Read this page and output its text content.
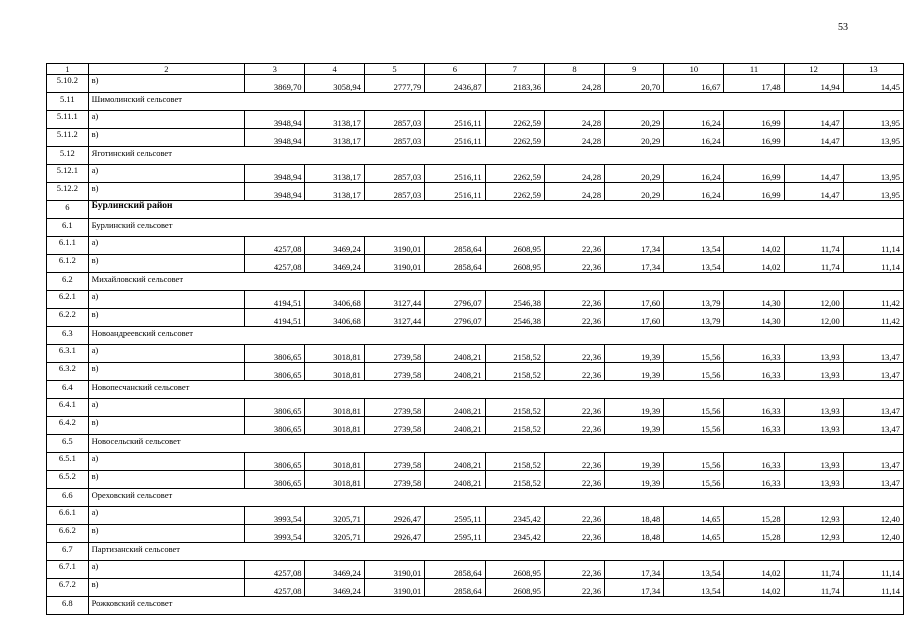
53
1	2	3	4	5	6	7	8	9	10	11	12	13
5.10.2	в)	3869,70	3058,94	2777,79	2436,87	2183,36	24,28	20,70	16,67	17,48	14,94	14,45
5.11	Шимолинский сельсовет											
5.11.1	а)	3948,94	3138,17	2857,03	2516,11	2262,59	24,28	20,29	16,24	16,99	14,47	13,95
5.11.2	в)	3948,94	3138,17	2857,03	2516,11	2262,59	24,28	20,29	16,24	16,99	14,47	13,95
5.12	Яготинский сельсовет											
5.12.1	а)	3948,94	3138,17	2857,03	2516,11	2262,59	24,28	20,29	16,24	16,99	14,47	13,95
5.12.2	в)	3948,94	3138,17	2857,03	2516,11	2262,59	24,28	20,29	16,24	16,99	14,47	13,95
6	Бурлинский район											
6.1	Бурлинский сельсовет											
6.1.1	а)	4257,08	3469,24	3190,01	2858,64	2608,95	22,36	17,34	13,54	14,02	11,74	11,14
6.1.2	в)	4257,08	3469,24	3190,01	2858,64	2608,95	22,36	17,34	13,54	14,02	11,74	11,14
6.2	Михайловский сельсовет											
6.2.1	а)	4194,51	3406,68	3127,44	2796,07	2546,38	22,36	17,60	13,79	14,30	12,00	11,42
6.2.2	в)	4194,51	3406,68	3127,44	2796,07	2546,38	22,36	17,60	13,79	14,30	12,00	11,42
6.3	Новоандреевский сельсовет											
6.3.1	а)	3806,65	3018,81	2739,58	2408,21	2158,52	22,36	19,39	15,56	16,33	13,93	13,47
6.3.2	в)	3806,65	3018,81	2739,58	2408,21	2158,52	22,36	19,39	15,56	16,33	13,93	13,47
6.4	Новопесчанский сельсовет											
6.4.1	а)	3806,65	3018,81	2739,58	2408,21	2158,52	22,36	19,39	15,56	16,33	13,93	13,47
6.4.2	в)	3806,65	3018,81	2739,58	2408,21	2158,52	22,36	19,39	15,56	16,33	13,93	13,47
6.5	Новосельский сельсовет											
6.5.1	а)	3806,65	3018,81	2739,58	2408,21	2158,52	22,36	19,39	15,56	16,33	13,93	13,47
6.5.2	в)	3806,65	3018,81	2739,58	2408,21	2158,52	22,36	19,39	15,56	16,33	13,93	13,47
6.6	Ореховский сельсовет											
6.6.1	а)	3993,54	3205,71	2926,47	2595,11	2345,42	22,36	18,48	14,65	15,28	12,93	12,40
6.6.2	в)	3993,54	3205,71	2926,47	2595,11	2345,42	22,36	18,48	14,65	15,28	12,93	12,40
6.7	Партизанский сельсовет											
6.7.1	а)	4257,08	3469,24	3190,01	2858,64	2608,95	22,36	17,34	13,54	14,02	11,74	11,14
6.7.2	в)	4257,08	3469,24	3190,01	2858,64	2608,95	22,36	17,34	13,54	14,02	11,74	11,14
6.8	Рожковский сельсовет											
